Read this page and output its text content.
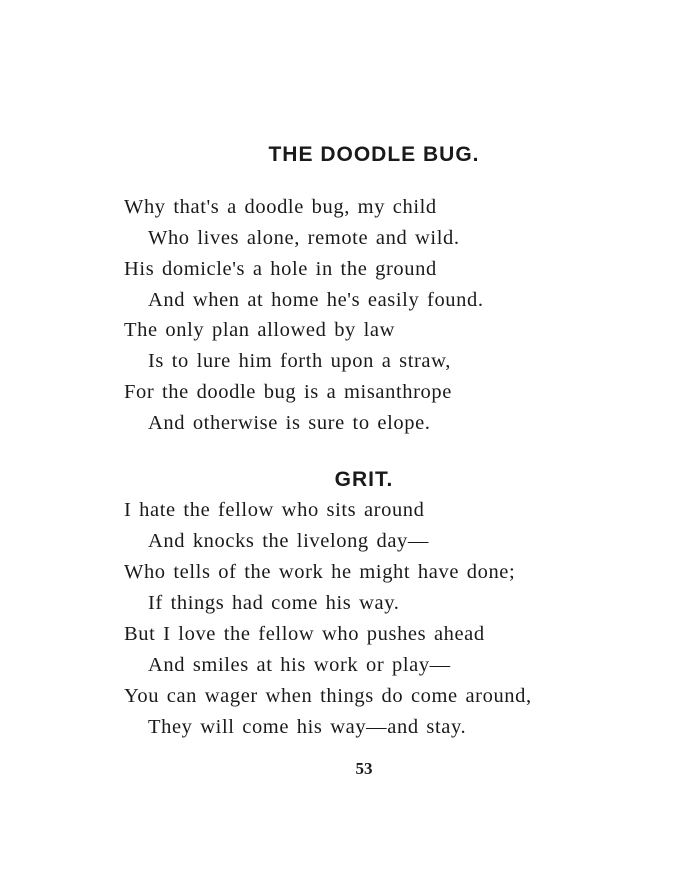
THE DOODLE BUG.
Why that's a doodle bug, my child
Who lives alone, remote and wild.
His domicle's a hole in the ground
And when at home he's easily found.
The only plan allowed by law
Is to lure him forth upon a straw,
For the doodle bug is a misanthrope
And otherwise is sure to elope.
GRIT.
I hate the fellow who sits around
And knocks the livelong day—
Who tells of the work he might have done;
If things had come his way.
But I love the fellow who pushes ahead
And smiles at his work or play—
You can wager when things do come around,
They will come his way—and stay.
53
